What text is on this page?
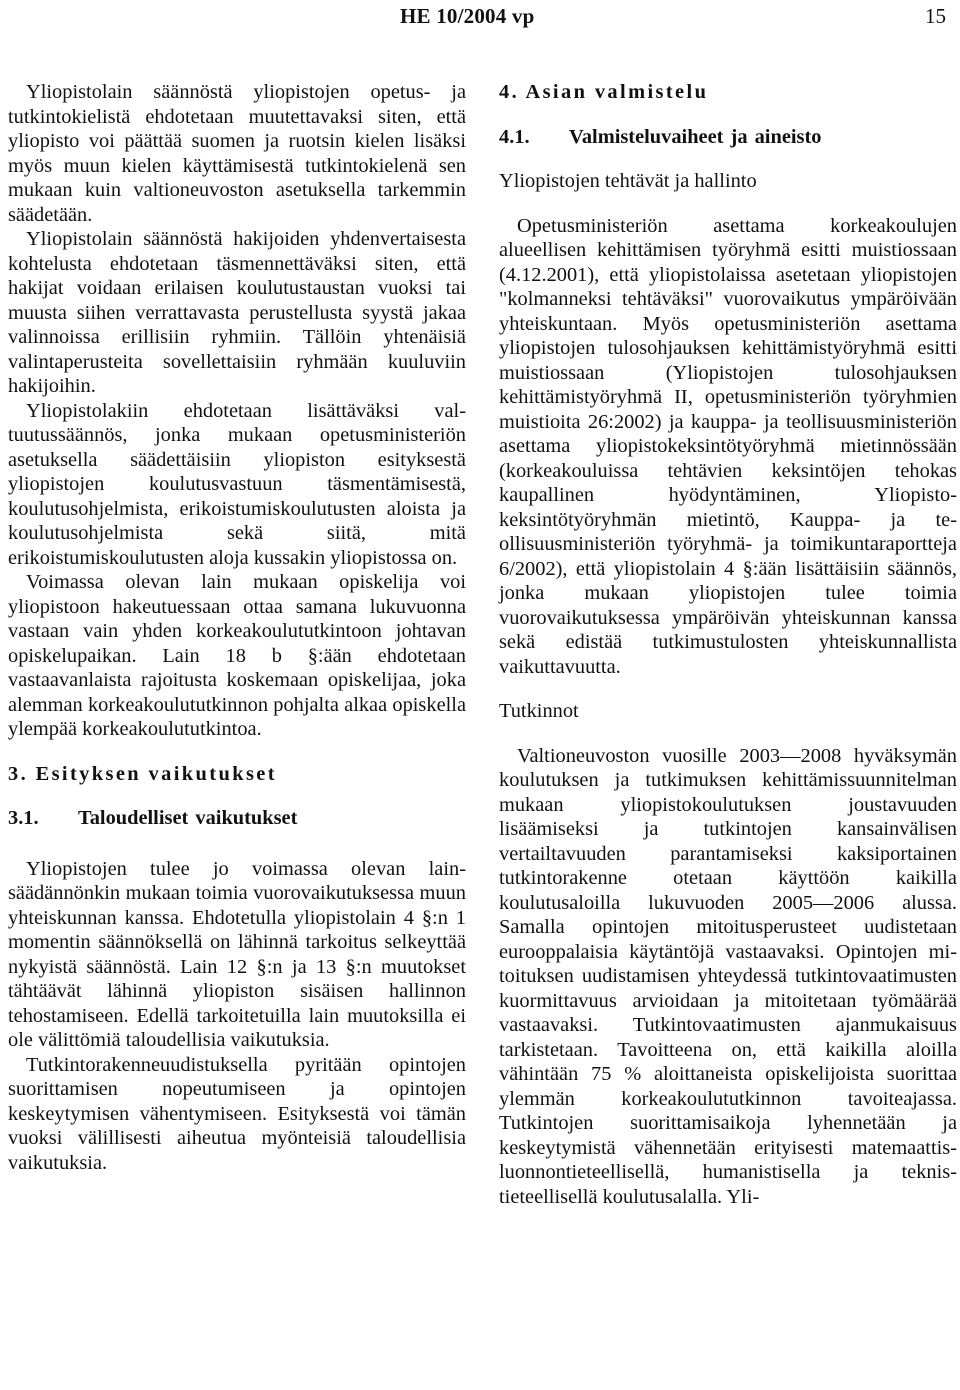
HE 10/2004 vp	15

Yliopistolain säännöstä yliopistojen opetus- ja tutkintokielistä ehdotetaan muutettavaksi siten, että yliopisto voi päättää suomen ja ruotsin kielen lisäksi myös muun kielen käyttämisestä tutkintokielenä sen mukaan kuin valtioneuvoston asetuksella tarkemmin säädetään.

Yliopistolain säännöstä hakijoiden yhdenvertaisesta kohtelusta ehdotetaan täsmennettäväksi siten, että hakijat voidaan erilaisen koulutustaustan vuoksi tai muusta siihen verrattavasta perustellusta syystä jakaa valinnoissa erillisiin ryhmiin. Tällöin yhtenäisiä valintaperusteita sovellettaisiin ryhmään kuuluviin hakijoihin.

Yliopistolakiin ehdotetaan lisättäväksi valtuutussäännös, jonka mukaan opetusministeriön asetuksella säädettäisiin yliopiston esityksestä yliopistojen koulutusvastuun täsmentämisestä, koulutusohjelmista, erikoistumiskoulutusten aloista ja koulutusohjelmista sekä siitä, mitä erikoistumiskoulutusten aloja kussakin yliopistossa on.

Voimassa olevan lain mukaan opiskelija voi yliopistoon hakeutuessaan ottaa samana lukuvuonna vastaan vain yhden korkeakoulututkintoon johtavan opiskelupaikan. Lain 18 b §:ään ehdotetaan vastaavanlaista rajoitusta koskemaan opiskelijaa, joka alemman korkeakoulututkinnon pohjalta alkaa opiskella ylempää korkeakoulututkintoa.

3. Esityksen vaikutukset

3.1. Taloudelliset vaikutukset

Yliopistojen tulee jo voimassa olevan lainsäädännönkin mukaan toimia vuorovaikutuksessa muun yhteiskunnan kanssa. Ehdotetulla yliopistolain 4 §:n 1 momentin säännöksellä on lähinnä tarkoitus selkeyttää nykyistä säännöstä. Lain 12 §:n ja 13 §:n muutokset tähtäävät lähinnä yliopiston sisäisen hallinnon tehostamiseen. Edellä tarkoitetuilla lain muutoksilla ei ole välittömiä taloudellisia vaikutuksia.

Tutkintorakenneuudistuksella pyritään opintojen suorittamisen nopeutumiseen ja opintojen keskeytymisen vähentymiseen. Esityksestä voi tämän vuoksi välillisesti aiheutua myönteisiä taloudellisia vaikutuksia.

4. Asian valmistelu

4.1. Valmisteluvaiheet ja aineisto

Yliopistojen tehtävät ja hallinto

Opetusministeriön asettama korkeakoulujen alueellisen kehittämisen työryhmä esitti muistiossaan (4.12.2001), että yliopistolaissa asetetaan yliopistojen "kolmanneksi tehtäväksi" vuorovaikutus ympäröivään yhteiskuntaan. Myös opetusministeriön asettama yliopistojen tulosohjauksen kehittämistyöryhmä esitti muistiossaan (Yliopistojen tulosohjauksen kehittämistyöryhmä II, opetusministeriön työryhmien muistioita 26:2002) ja kauppa- ja teollisuusministeriön asettama yliopistokeksintötyöryhmä mietinnössään (korkeakouluissa tehtävien keksintöjen tehokas kaupallinen hyödyntäminen, Yliopistokeksintötyöryhmän mietintö, Kauppa- ja teollisuusministeriön työryhmä- ja toimikuntaraportteja 6/2002), että yliopistolain 4 §:ään lisättäisiin säännös, jonka mukaan yliopistojen tulee toimia vuorovaikutuksessa ympäröivän yhteiskunnan kanssa sekä edistää tutkimustulosten yhteiskunnallista vaikuttavuutta.

Tutkinnot

Valtioneuvoston vuosille 2003—2008 hyväksymän koulutuksen ja tutkimuksen kehittämissuunnitelman mukaan yliopistokoulutuksen joustavuuden lisäämiseksi ja tutkintojen kansainvälisen vertailtavuuden parantamiseksi kaksiportainen tutkintorakenne otetaan käyttöön kaikilla koulutusaloilla lukuvuoden 2005—2006 alussa. Samalla opintojen mitoitusperusteet uudistetaan eurooppalaisia käytäntöjä vastaavaksi. Opintojen mitoituksen uudistamisen yhteydessä tutkintovaatimusten kuormittavuus arvioidaan ja mitoitetaan työmäärää vastaavaksi. Tutkintovaatimusten ajanmukaisuus tarkistetaan. Tavoitteena on, että kaikilla aloilla vähintään 75 % aloittaneista opiskelijoista suorittaa ylemmän korkeakoulututkinnon tavoiteajassa. Tutkintojen suorittamisaikoja lyhennetään ja keskeytymistä vähennetään erityisesti matemaattis-luonnontieteellisellä, humanistisella ja teknis-tieteellisellä koulutusalalla. Yli-
